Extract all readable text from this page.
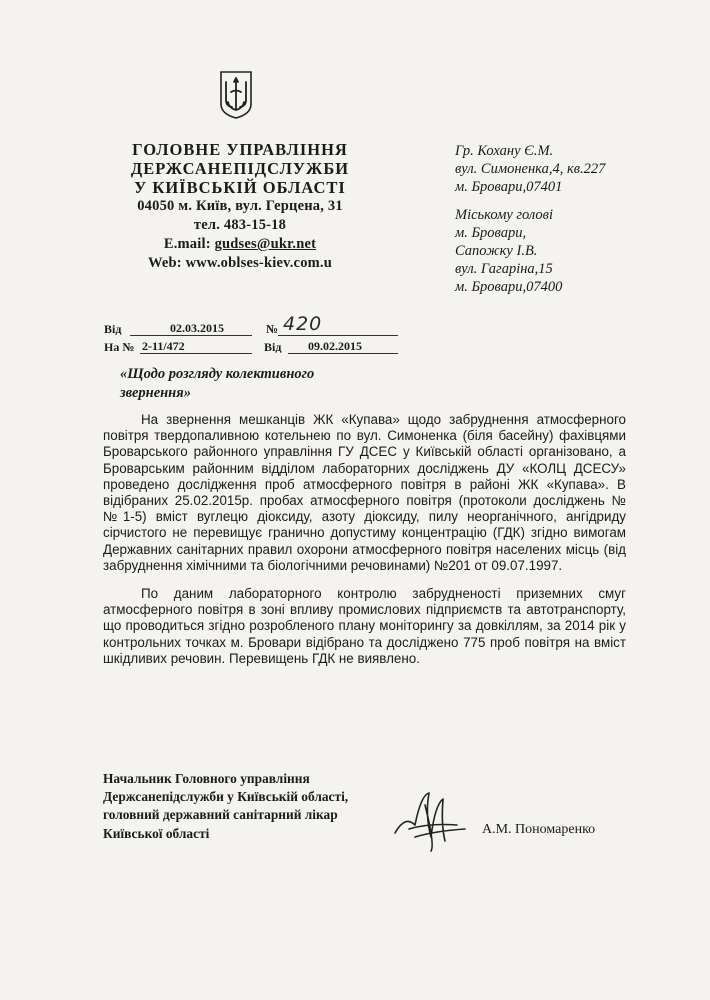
ГОЛОВНЕ УПРАВЛІННЯ
ДЕРЖСАНЕПІДСЛУЖБИ
У КИЇВСЬКІЙ ОБЛАСТІ
04050 м. Київ, вул. Герцена, 31
тел. 483-15-18
E.mail: gudses@ukr.net
Web: www.oblses-kiev.com.u
Гр. Кохану Є.М.
вул. Симоненка,4, кв.227
м. Бровари,07401
Міському голові
м. Бровари,
Сапожку І.В.
вул. Гагаріна,15
м. Бровари,07400
Від	02.03.2015	№ 420
На № 2-11/472	Від 09.02.2015
«Щодо розгляду колективного
звернення»

На звернення мешканців ЖК «Купава» щодо забруднення атмосферного повітря твердопаливною котельнею по вул. Симоненка (біля басейну) фахівцями Броварського районного управління ГУ ДСЕС у Київській області організовано, а Броварським районним відділом лабораторних досліджень ДУ «КОЛЦ ДСЕСУ» проведено дослідження проб атмосферного повітря в районі ЖК «Купава». В відібраних 25.02.2015р. пробах атмосферного повітря (протоколи досліджень №№1-5) вміст вуглецю діоксиду, азоту діоксиду, пилу неорганічного, ангідриду сірчистого не перевищує гранично допустиму концентрацію (ГДК) згідно вимогам Державних санітарних правил охорони атмосферного повітря населених місць (від забруднення хімічними та біологічними речовинами) №201 от 09.07.1997.

По даним лабораторного контролю забрудненості приземних смуг атмосферного повітря в зоні впливу промислових підприємств та автотранспорту, що проводиться згідно розробленого плану моніторингу за довкіллям, за 2014 рік у контрольних точках м. Бровари відібрано та досліджено 775 проб повітря на вміст шкідливих речовин. Перевищень ГДК не виявлено.

Начальник Головного управління
Держсанепідслужби у Київській області,
головний державний санітарний лікар
Київської області	А.М. Пономаренко
